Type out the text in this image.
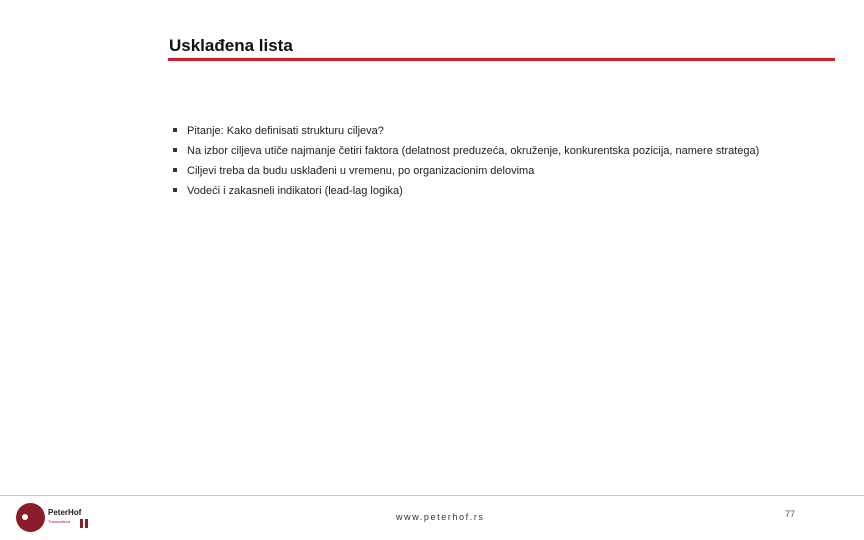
Usklađena lista
Pitanje: Kako definisati strukturu ciljeva?
Na izbor ciljeva utiče najmanje četiri faktora (delatnost preduzeća, okruženje, konkurentska pozicija, namere stratega)
Ciljevi treba da budu usklađeni u vremenu, po organizacionim delovima
Vodeći i zakasneli indikatori (lead-lag logika)
PeterHof
Transcultura	www.peterhof.rs	77
